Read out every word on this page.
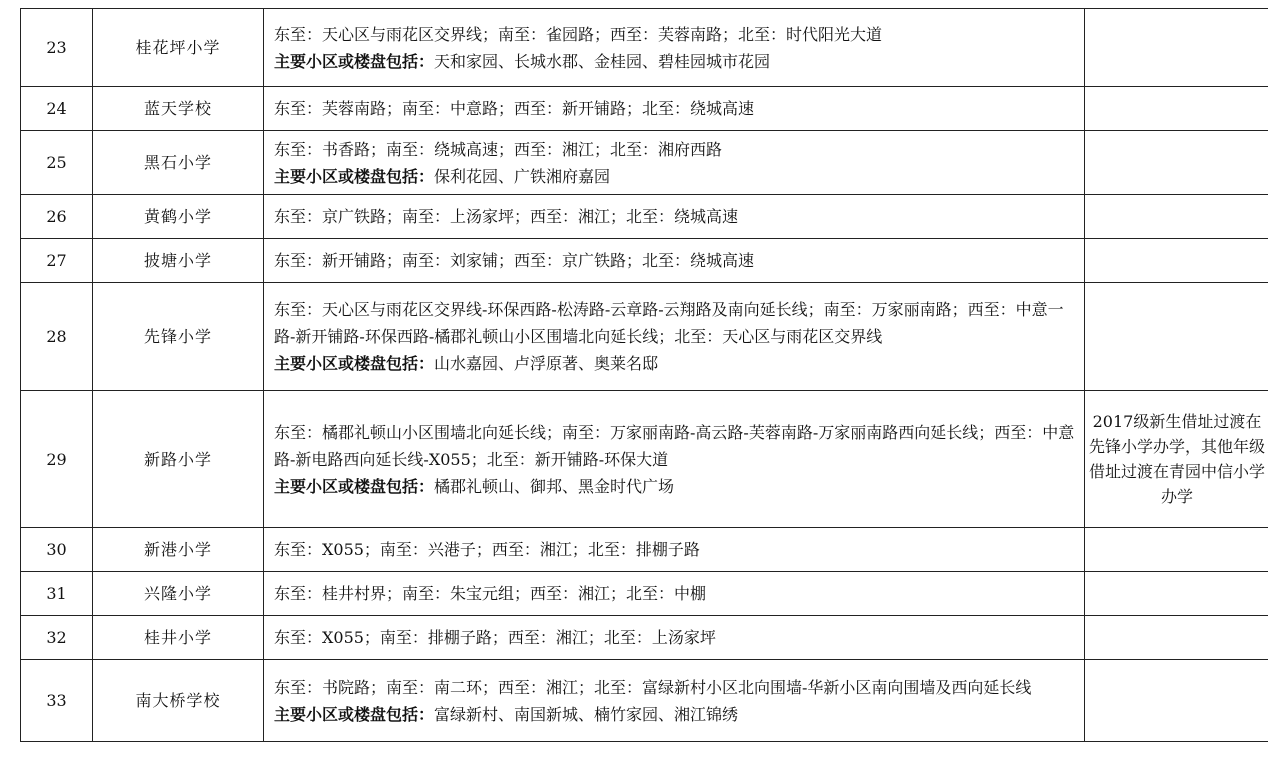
23	桂花坪小学	东至：天心区与雨花区交界线；南至：雀园路；西至：芙蓉南路；北至：时代阳光大道
主要小区或楼盘包括：天和家园、长城水郡、金桂园、碧桂园城市花园	

24	蓝天学校	东至：芙蓉南路；南至：中意路；西至：新开铺路；北至：绕城高速	

25	黑石小学	东至：书香路；南至：绕城高速；西至：湘江；北至：湘府西路
主要小区或楼盘包括：保利花园、广铁湘府嘉园	

26	黄鹤小学	东至：京广铁路；南至：上汤家坪；西至：湘江；北至：绕城高速	

27	披塘小学	东至：新开铺路；南至：刘家铺；西至：京广铁路；北至：绕城高速	

28	先锋小学	东至：天心区与雨花区交界线-环保西路-松涛路-云章路-云翔路及南向延长线；南至：万家丽南路；西至：中意一路-新开铺路-环保西路-橘郡礼顿山小区围墙北向延长线；北至：天心区与雨花区交界线
主要小区或楼盘包括：山水嘉园、卢浮原著、奥莱名邸	

29	新路小学	东至：橘郡礼顿山小区围墙北向延长线；南至：万家丽南路-高云路-芙蓉南路-万家丽南路西向延长线；西至：中意路-新电路西向延长线-X055；北至：新开铺路-环保大道
主要小区或楼盘包括：橘郡礼顿山、御邦、黑金时代广场	2017级新生借址过渡在先锋小学办学，其他年级借址过渡在青园中信小学办学
30	新港小学	东至：X055；南至：兴港子；西至：湘江；北至：排棚子路	

31	兴隆小学	东至：桂井村界；南至：朱宝元组；西至：湘江；北至：中棚	

32	桂井小学	东至：X055；南至：排棚子路；西至：湘江；北至：上汤家坪	

33	南大桥学校	东至：书院路；南至：南二环；西至：湘江；北至：富绿新村小区北向围墙-华新小区南向围墙及西向延长线
主要小区或楼盘包括：富绿新村、南国新城、楠竹家园、湘江锦绣	
